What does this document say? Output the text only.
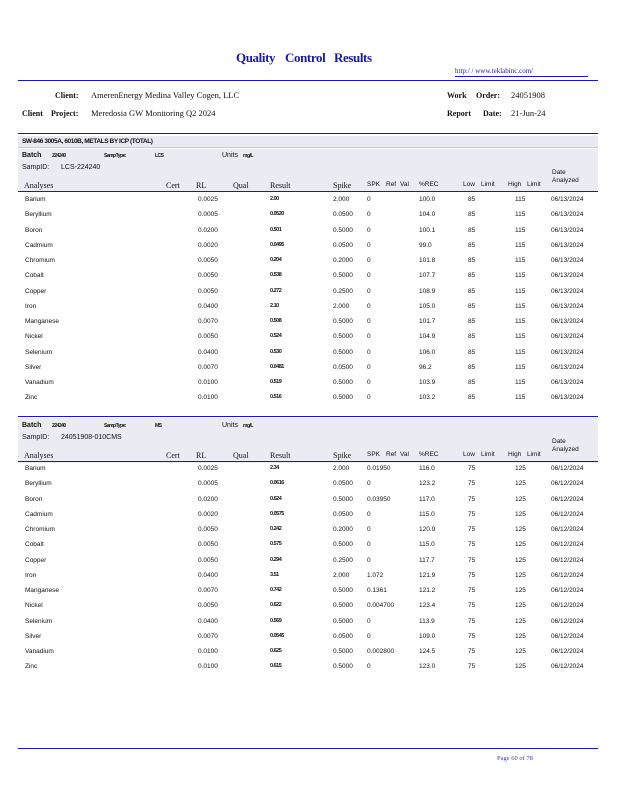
Quality Control Results
http:/ / www.teklabinc.com/
Client: AmerenEnergy Medina Valley Cogen, LLC
Client Project: Meredosia GW Monitoring Q2 2024
Work Order: 24051908
Report Date: 21-Jun-24
SW-846 3005A, 6010B, METALS BY ICP (TOTAL)
Batch 224240	SampType:	LCS	Units mg/L
SampID: LCS-224240
Date
Analyzed
Analyses	Cert RL	Qual	Result	Spike SPK Ref Val %REC	Low Limit High Limit
Barium	0.0025	2.00	2.000	0	100.0	85	115	06/13/2024
Beryllium	0.0005	0.0520	0.0500 0	104.0	85	115	06/13/2024
Boron	0.0200	0.501	0.5000 0	100.1	85	115	06/13/2024
Cadmium	0.0020	0.0495	0.0500 0	99.0	85	115	06/13/2024
Chromium	0.0050	0.204	0.2000 0	101.8	85	115	06/13/2024
Cobalt	0.0050	0.538	0.5000 0	107.7	85	115	06/13/2024
Copper	0.0050	0.272	0.2500 0	108.9	85	115	06/13/2024
Iron	0.0400	2.10	2.000	0	105.0	85	115	06/13/2024
Manganese	0.0070	0.508	0.5000 0	101.7	85	115	06/13/2024
Nickel	0.0050	0.524	0.5000 0	104.9	85	115	06/13/2024
Selenium	0.0400	0.530	0.5000 0	106.0	85	115	06/13/2024
Silver	0.0070	0.0481	0.0500 0	96.2	85	115	06/13/2024
Vanadium	0.0100	0.519	0.5000 0	103.9	85	115	06/13/2024
Zinc	0.0100	0.516	0.5000 0	103.2	85	115	06/13/2024
Batch 224240	SampType:	MS	Units mg/L
SampID: 24051908-010CMS
Date
Analyzed
Analyses	Cert RL	Qual	Result	Spike SPK Ref Val %REC	Low Limit High Limit
Barium	0.0025	2.34	2.000	0.01950	116.0	75	125	06/12/2024
Beryllium	0.0005	0.0616	0.0500 0	123.2	75	125	06/12/2024
Boron	0.0200	0.624	0.5000 0.03950	117.0	75	125	06/12/2024
Cadmium	0.0020	0.0575	0.0500 0	115.0	75	125	06/12/2024
Chromium	0.0050	0.242	0.2000 0	120.9	75	125	06/12/2024
Cobalt	0.0050	0.575	0.5000 0	115.0	75	125	06/12/2024
Copper	0.0050	0.294	0.2500 0	117.7	75	125	06/12/2024
Iron	0.0400	3.51	2.000	1.072	121.9	75	125	06/12/2024
Manganese	0.0070	0.742	0.5000 0.1361	121.2	75	125	06/12/2024
Nickel	0.0050	0.622	0.5000 0.004700	123.4	75	125	06/12/2024
Selenium	0.0400	0.569	0.5000 0	113.9	75	125	06/12/2024
Silver	0.0070	0.0545	0.0500 0	109.0	75	125	06/12/2024
Vanadium	0.0100	0.625	0.5000 0.002800	124.5	75	125	06/12/2024
Zinc	0.0100	0.615	0.5000 0	123.0	75	125	06/12/2024
Page 60 of 78
